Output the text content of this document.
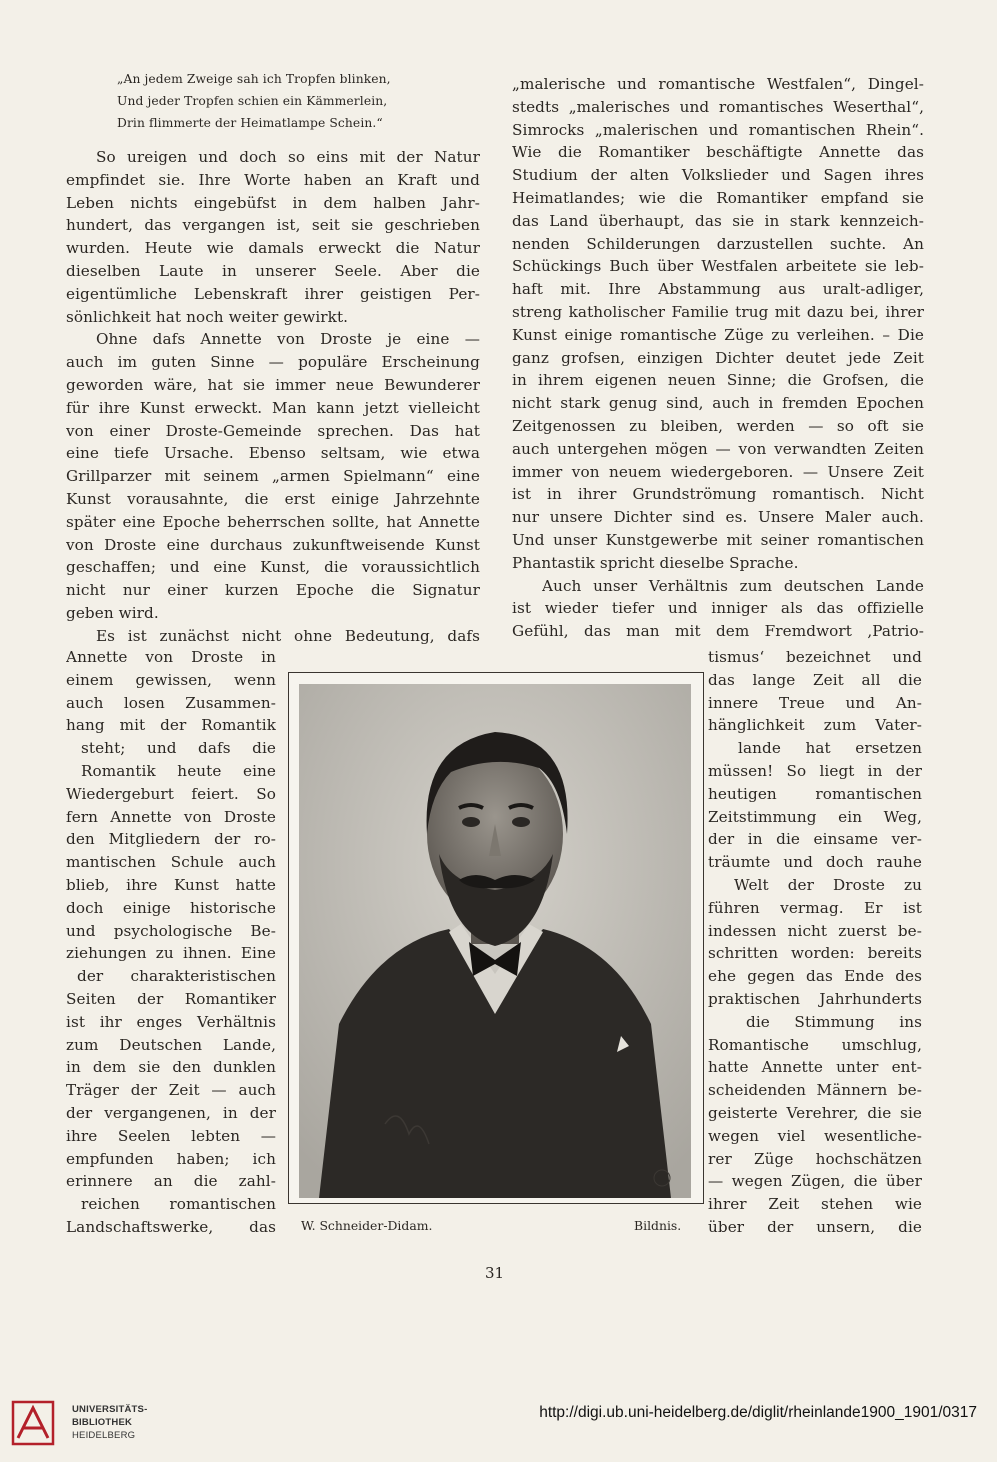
„An jedem Zweige sah ich Tropfen blinken,
Und jeder Tropfen schien ein Kämmerlein,
Drin flimmerte der Heimatlampe Schein.“
So ureigen und doch so eins mit der Natur
empfindet sie. Ihre Worte haben an Kraft und
Leben nichts eingebüfst in dem halben Jahr-
hundert, das vergangen ist, seit sie geschrieben
wurden. Heute wie damals erweckt die Natur
dieselben Laute in unserer Seele. Aber die
eigentümliche Lebenskraft ihrer geistigen Per-
sönlichkeit hat noch weiter gewirkt.
Ohne dafs Annette von Droste je eine —
auch im guten Sinne — populäre Erscheinung
geworden wäre, hat sie immer neue Bewunderer
für ihre Kunst erweckt. Man kann jetzt vielleicht
von einer Droste-Gemeinde sprechen. Das hat
eine tiefe Ursache. Ebenso seltsam, wie etwa
Grillparzer mit seinem „armen Spielmann“ eine
Kunst vorausahnte, die erst einige Jahrzehnte
später eine Epoche beherrschen sollte, hat Annette
von Droste eine durchaus zukunftweisende Kunst
geschaffen; und eine Kunst, die voraussichtlich
nicht nur einer kurzen Epoche die Signatur
geben wird.
Es ist zunächst nicht ohne Bedeutung, dafs
Annette von Droste in
einem gewissen, wenn
auch losen Zusammen-
hang mit der Romantik
steht; und dafs die
Romantik heute eine
Wiedergeburt feiert. So
fern Annette von Droste
den Mitgliedern der ro-
mantischen Schule auch
blieb, ihre Kunst hatte
doch einige historische
und psychologische Be-
ziehungen zu ihnen. Eine
der charakteristischen
Seiten der Romantiker
ist ihr enges Verhältnis
zum Deutschen Lande,
in dem sie den dunklen
Träger der Zeit — auch
der vergangenen, in der
ihre Seelen lebten —
empfunden haben; ich
erinnere an die zahl-
reichen romantischen
Landschaftswerke, das
„malerische und romantische Westfalen“, Dingel-
stedts „malerisches und romantisches Weserthal“,
Simrocks „malerischen und romantischen Rhein“.
Wie die Romantiker beschäftigte Annette das
Studium der alten Volkslieder und Sagen ihres
Heimatlandes; wie die Romantiker empfand sie
das Land überhaupt, das sie in stark kennzeich-
nenden Schilderungen darzustellen suchte. An
Schückings Buch über Westfalen arbeitete sie leb-
haft mit. Ihre Abstammung aus uralt-adliger,
streng katholischer Familie trug mit dazu bei, ihrer
Kunst einige romantische Züge zu verleihen. – Die
ganz grofsen, einzigen Dichter deutet jede Zeit
in ihrem eigenen neuen Sinne; die Grofsen, die
nicht stark genug sind, auch in fremden Epochen
Zeitgenossen zu bleiben, werden — so oft sie
auch untergehen mögen — von verwandten Zeiten
immer von neuem wiedergeboren. — Unsere Zeit
ist in ihrer Grundströmung romantisch. Nicht
nur unsere Dichter sind es. Unsere Maler auch.
Und unser Kunstgewerbe mit seiner romantischen
Phantastik spricht dieselbe Sprache.
Auch unser Verhältnis zum deutschen Lande
ist wieder tiefer und inniger als das offizielle
Gefühl, das man mit dem Fremdwort ‚Patrio-
tismus‘ bezeichnet und
das lange Zeit all die
innere Treue und An-
hänglichkeit zum Vater-
lande hat ersetzen
müssen! So liegt in der
heutigen romantischen
Zeitstimmung ein Weg,
der in die einsame ver-
träumte und doch rauhe
Welt der Droste zu
führen vermag. Er ist
indessen nicht zuerst be-
schritten worden: bereits
ehe gegen das Ende des
praktischen Jahrhunderts
die Stimmung ins
Romantische umschlug,
hatte Annette unter ent-
scheidenden Männern be-
geisterte Verehrer, die sie
wegen viel wesentliche-
rer Züge hochschätzen
— wegen Zügen, die über
ihrer Zeit stehen wie
über der unsern, die
W. Schneider-Didam.	Bildnis.
31
UNIVERSITÄTS-
BIBLIOTHEK
HEIDELBERG
http://digi.ub.uni-heidelberg.de/diglit/rheinlande1900_1901/0317
